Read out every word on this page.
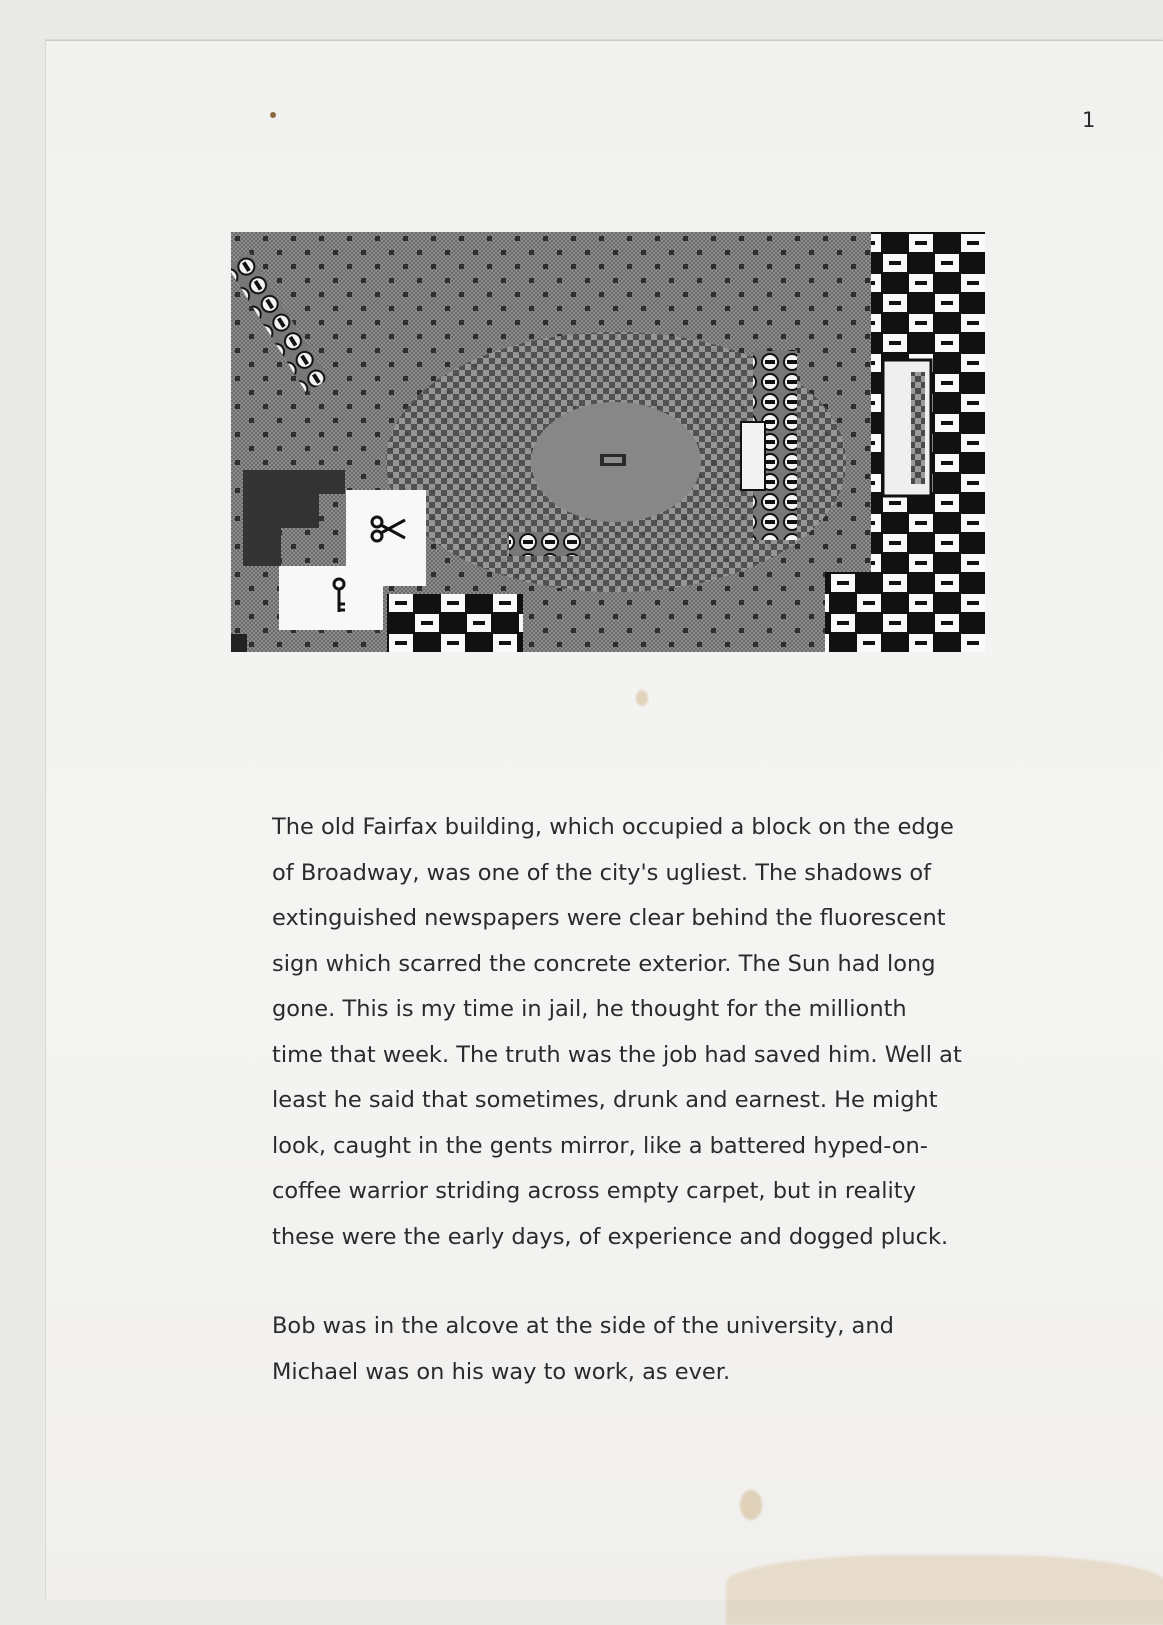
1

The old Fairfax building, which occupied a block on the edge

of Broadway, was one of the city's ugliest. The shadows of

extinguished newspapers were clear behind the fluorescent

sign which scarred the concrete exterior. The Sun had long

gone. This is my time in jail, he thought for the millionth

time that week. The truth was the job had saved him. Well at

least he said that sometimes, drunk and earnest. He might

look, caught in the gents mirror, like a battered hyped-on-

coffee warrior striding across empty carpet, but in reality

these were the early days, of experience and dogged pluck.

Bob was in the alcove at the side of the university, and

Michael was on his way to work, as ever.
